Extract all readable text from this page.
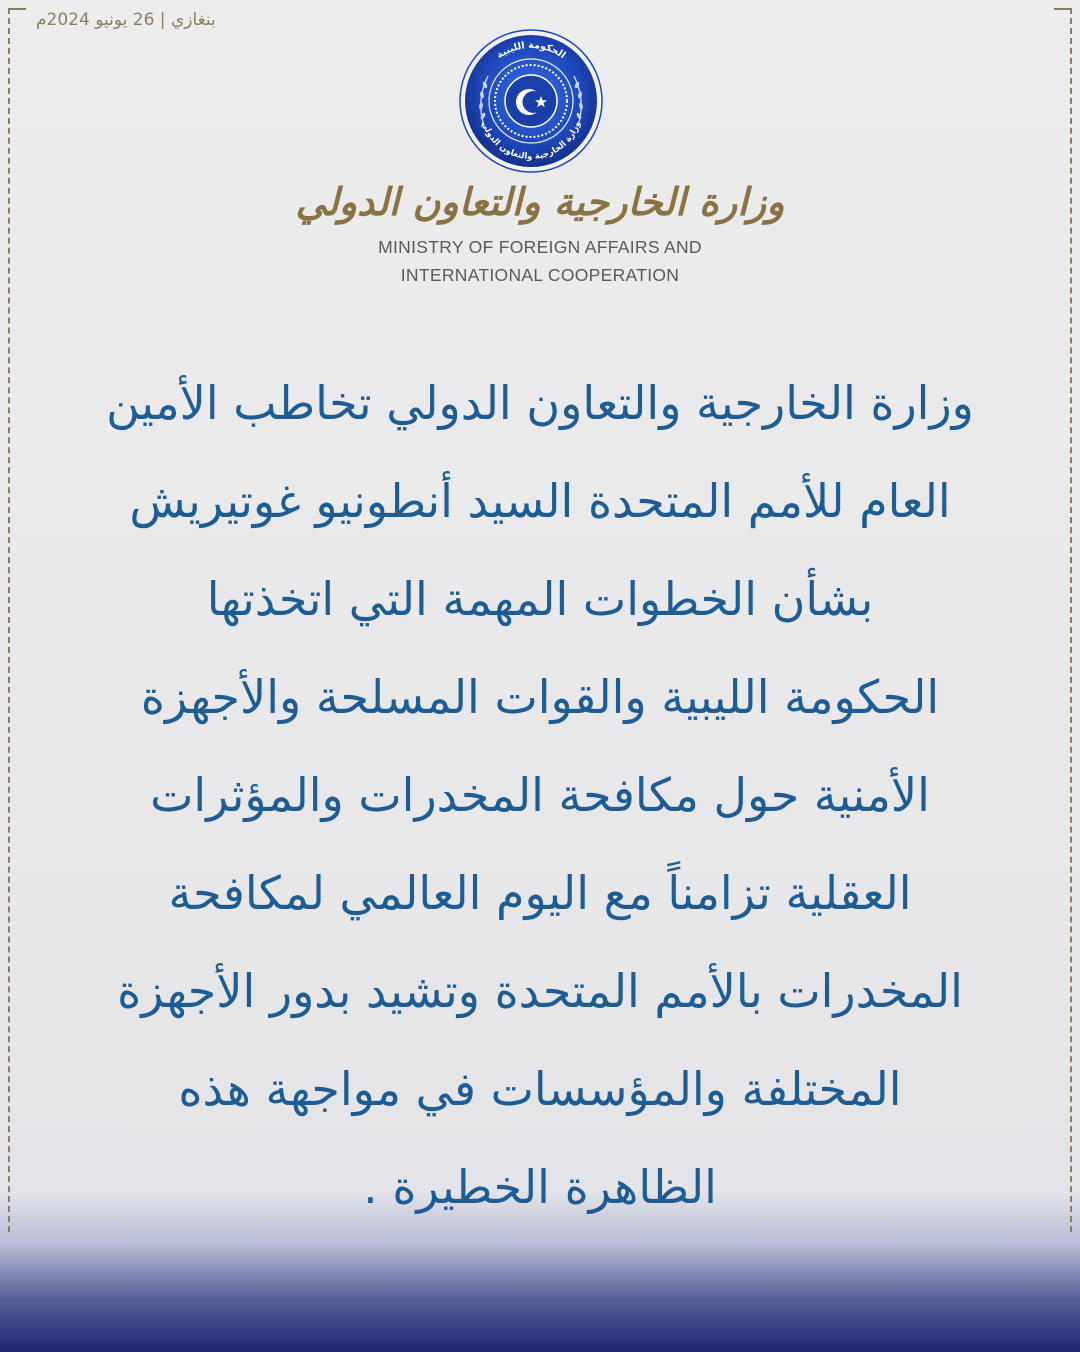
بنغازي | 26 يونيو 2024م
الحكومة الليبية
وزارة الخارجية والتعاون الدولي
وزارة الخارجية والتعاون الدولي
MINISTRY OF FOREIGN AFFAIRS AND
INTERNATIONAL COOPERATION

وزارة الخارجية والتعاون الدولي تخاطب الأمين
العام للأمم المتحدة السيد أنطونيو غوتيريش
بشأن الخطوات المهمة التي اتخذتها
الحكومة الليبية والقوات المسلحة والأجهزة
الأمنية حول مكافحة المخدرات والمؤثرات
العقلية تزامناً مع اليوم العالمي لمكافحة
المخدرات بالأمم المتحدة وتشيد بدور الأجهزة
المختلفة والمؤسسات في مواجهة هذه
الظاهرة الخطيرة .
